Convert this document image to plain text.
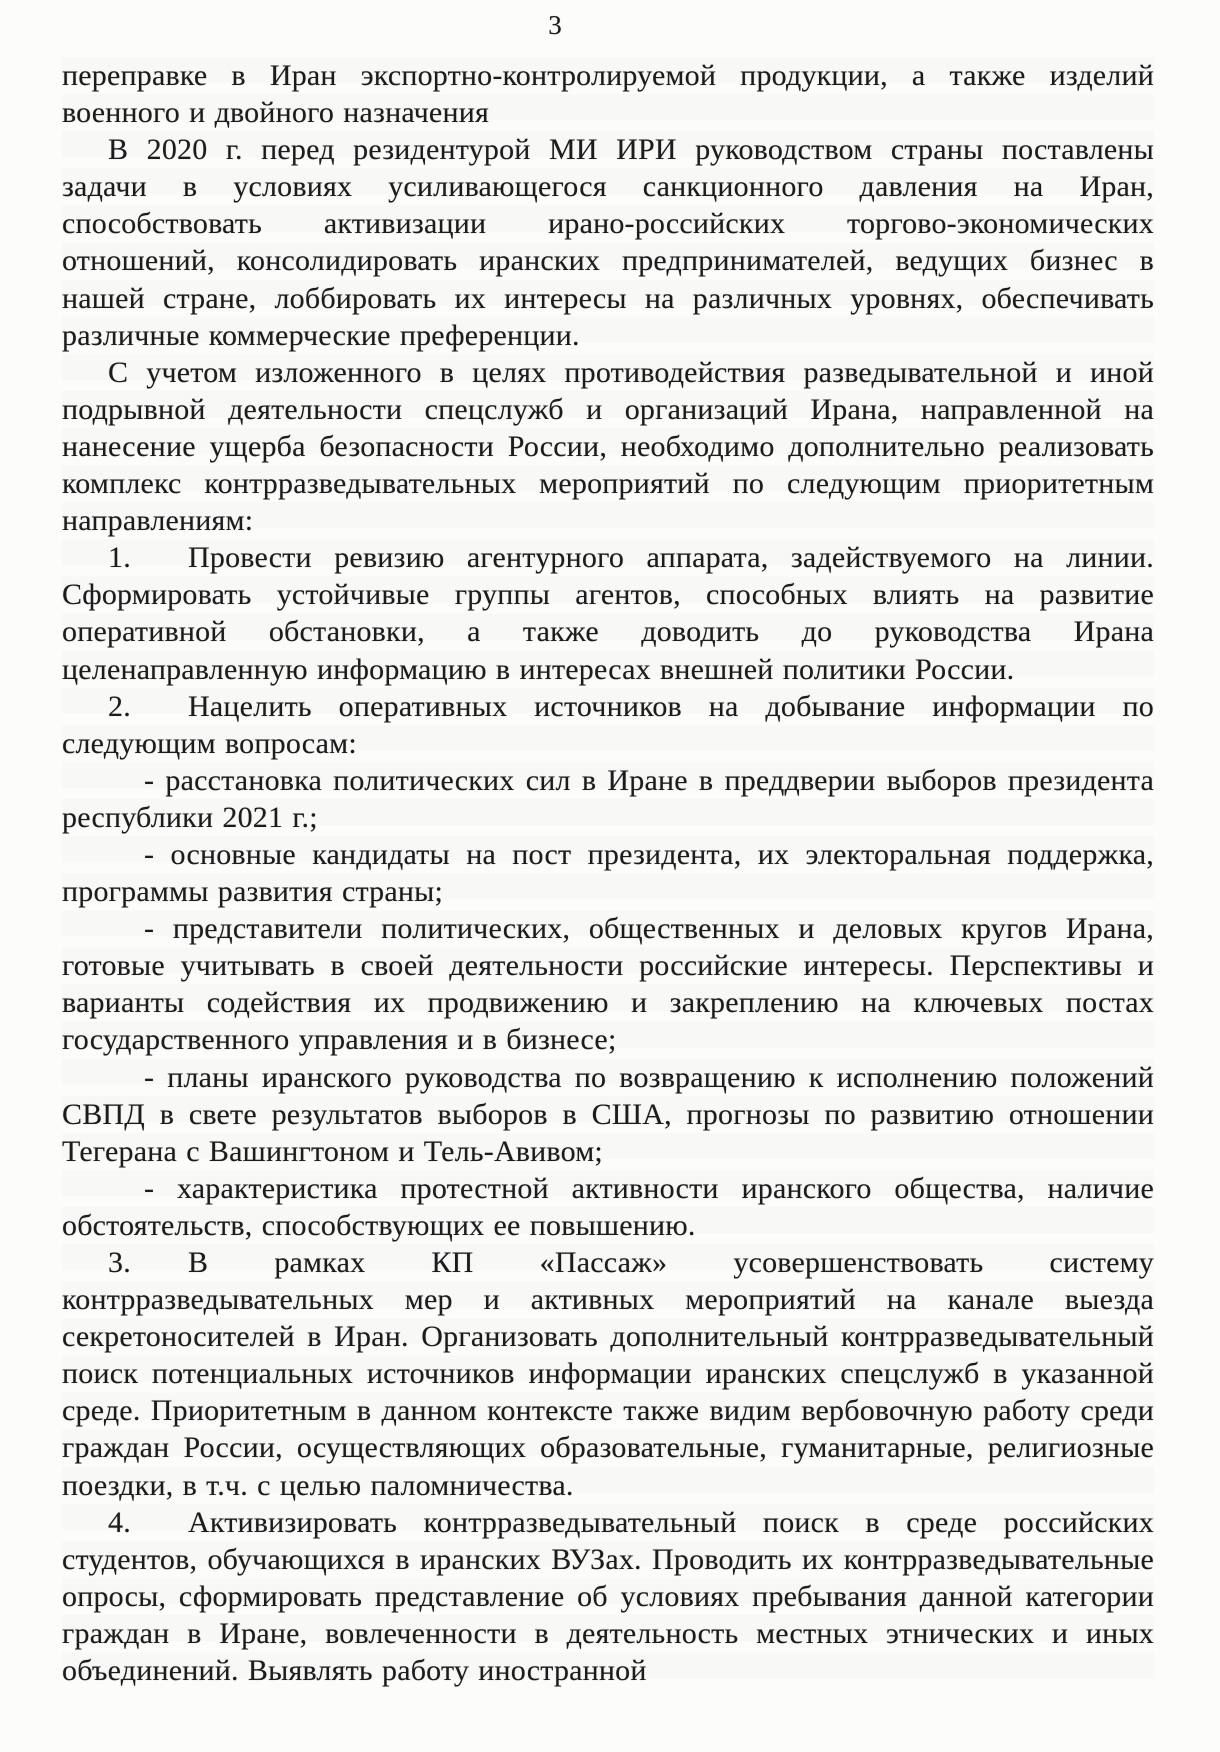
3

переправке в Иран экспортно-контролируемой продукции, а также изделий военного и двойного назначения

В 2020 г. перед резидентурой МИ ИРИ руководством страны поставлены задачи в условиях усиливающегося санкционного давления на Иран, способствовать активизации ирано-российских торгово-экономических отношений, консолидировать иранских предпринимателей, ведущих бизнес в нашей стране, лоббировать их интересы на различных уровнях, обеспечивать различные коммерческие преференции.

С учетом изложенного в целях противодействия разведывательной и иной подрывной деятельности спецслужб и организаций Ирана, направленной на нанесение ущерба безопасности России, необходимо дополнительно реализовать комплекс контрразведывательных мероприятий по следующим приоритетным направлениям:

1. Провести ревизию агентурного аппарата, задействуемого на линии. Сформировать устойчивые группы агентов, способных влиять на развитие оперативной обстановки, а также доводить до руководства Ирана целенаправленную информацию в интересах внешней политики России.

2. Нацелить оперативных источников на добывание информации по следующим вопросам:

- расстановка политических сил в Иране в преддверии выборов президента республики 2021 г.;

- основные кандидаты на пост президента, их электоральная поддержка, программы развития страны;

- представители политических, общественных и деловых кругов Ирана, готовые учитывать в своей деятельности российские интересы. Перспективы и варианты содействия их продвижению и закреплению на ключевых постах государственного управления и в бизнесе;

- планы иранского руководства по возвращению к исполнению положений СВПД в свете результатов выборов в США, прогнозы по развитию отношении Тегерана с Вашингтоном и Тель-Авивом;

- характеристика протестной активности иранского общества, наличие обстоятельств, способствующих ее повышению.

3. В рамках КП «Пассаж» усовершенствовать систему контрразведывательных мер и активных мероприятий на канале выезда секретоносителей в Иран. Организовать дополнительный контрразведывательный поиск потенциальных источников информации иранских спецслужб в указанной среде. Приоритетным в данном контексте также видим вербовочную работу среди граждан России, осуществляющих образовательные, гуманитарные, религиозные поездки, в т.ч. с целью паломничества.

4. Активизировать контрразведывательный поиск в среде российских студентов, обучающихся в иранских ВУЗах. Проводить их контрразведывательные опросы, сформировать представление об условиях пребывания данной категории граждан в Иране, вовлеченности в деятельность местных этнических и иных объединений. Выявлять работу иностранной
